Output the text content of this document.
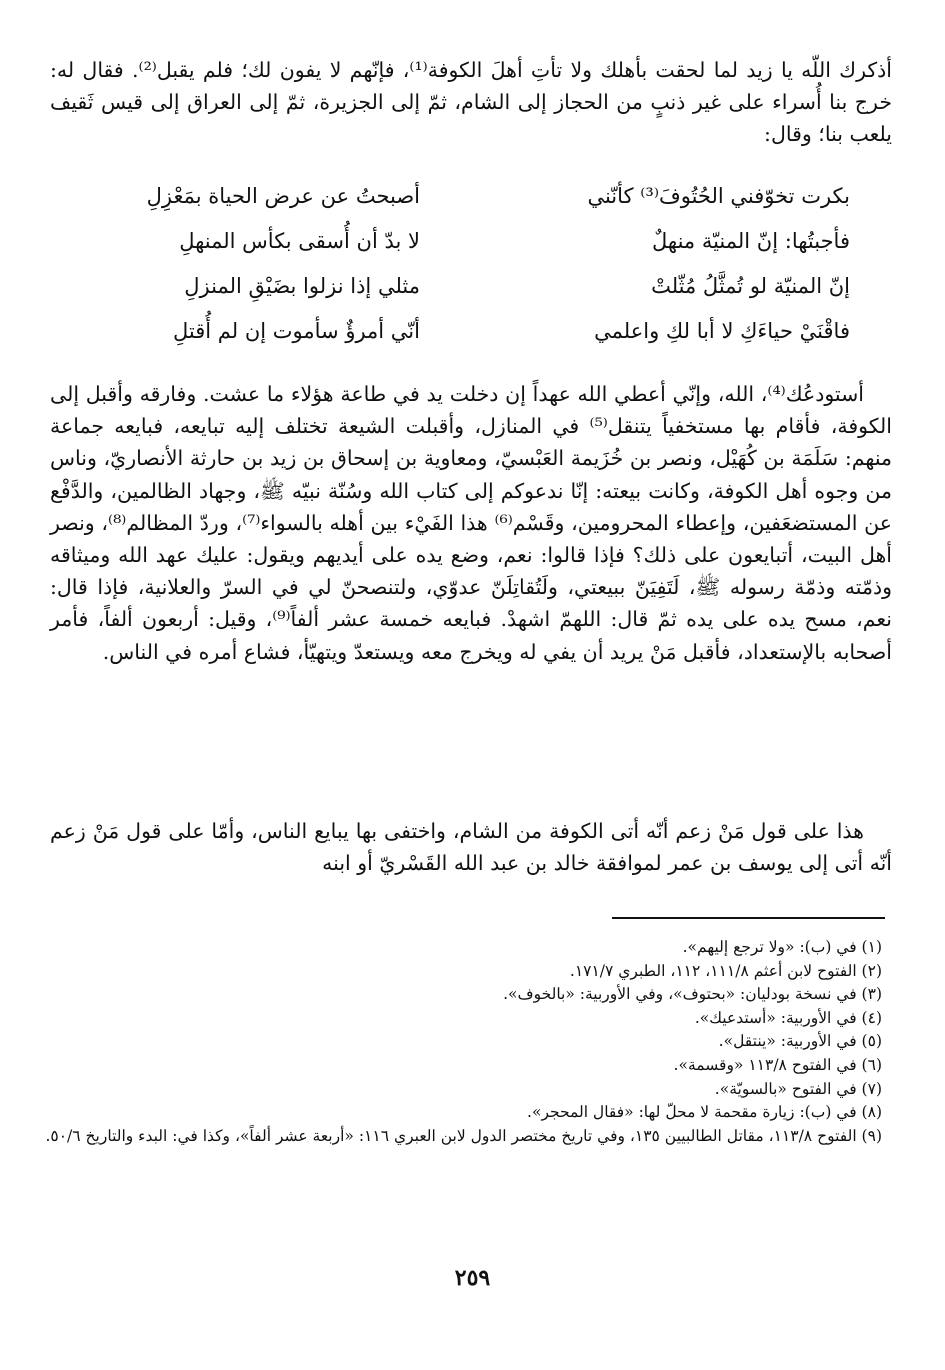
أذكرك اللّه يا زيد لما لحقت بأهلك ولا تأتِ أهلَ الكوفة⁽¹⁾، فإنّهم لا يفون لك؛ فلم يقبل⁽²⁾. فقال له: خرج بنا أُسراء على غير ذنبٍ من الحجاز إلى الشام، ثمّ إلى الجزيرة، ثمّ إلى العراق إلى قيس ثَقيف يلعب بنا؛ وقال:

بكرت تخوّفني الحُتُوفَ⁽³⁾ كأنّني
أصبحتُ عن عرض الحياة بمَعْزِلِ
فأجبتُها: إنّ المنيّة منهلٌ
لا بدّ أن أُسقى بكأس المنهلِ
إنّ المنيّة لو تُمثَّلُ مُثّلتْ
مثلي إذا نزلوا بضَيْقِ المنزلِ
فاقْنَيْ حياءَكِ لا أبا لكِ واعلمي
أنّي أمرؤٌ سأموت إن لم أُقتلِ

أستودعُك⁽⁴⁾، الله، وإنّي أعطي الله عهداً إن دخلت يد في طاعة هؤلاء ما عشت. وفارقه وأقبل إلى الكوفة، فأقام بها مستخفياً يتنقل⁽⁵⁾ في المنازل، وأقبلت الشيعة تختلف إليه تبايعه، فبايعه جماعة منهم: سَلَمَة بن كُهَيْل، ونصر بن خُزَيمة العَبْسيّ، ومعاوية بن إسحاق بن زيد بن حارثة الأنصاريّ، وناس من وجوه أهل الكوفة، وكانت بيعته: إنّا ندعوكم إلى كتاب الله وسُنّة نبيّه ﷺ، وجهاد الظالمين، والدَّفْع عن المستضعَفين، وإعطاء المحرومين، وقَسْم⁽⁶⁾ هذا الفَيْء بين أهله بالسواء⁽⁷⁾، وردّ المظالم⁽⁸⁾، ونصر أهل البيت، أتبايعون على ذلك؟ فإذا قالوا: نعم، وضع يده على أيديهم ويقول: عليك عهد الله وميثاقه وذمّته وذمّة رسوله ﷺ، لَتَفِيَنّ ببيعتي، ولَتُقاتِلَنّ عدوّي، ولتنصحنّ لي في السرّ والعلانية، فإذا قال: نعم، مسح يده على يده ثمّ قال: اللهمّ اشهدْ. فبايعه خمسة عشر ألفاً⁽⁹⁾، وقيل: أربعون ألفاً، فأمر أصحابه بالإستعداد، فأقبل مَنْ يريد أن يفي له ويخرج معه ويستعدّ ويتهيّأ، فشاع أمره في الناس.

هذا على قول مَنْ زعم أنّه أتى الكوفة من الشام، واختفى بها يبايع الناس، وأمّا على قول مَنْ زعم أنّه أتى إلى يوسف بن عمر لموافقة خالد بن عبد الله القَسْريّ أو ابنه

(١) في (ب): «ولا ترجع إليهم».
(٢) الفتوح لابن أعثم ١١١/٨، ١١٢، الطبري ١٧١/٧.
(٣) في نسخة بودليان: «بحتوف»، وفي الأوربية: «بالخوف».
(٤) في الأوربية: «أستدعيك».
(٥) في الأوربية: «ينتقل».
(٦) في الفتوح ١١٣/٨ «وقسمة».
(٧) في الفتوح «بالسويّة».
(٨) في (ب): زيارة مقحمة لا محلّ لها: «فقال المحجر».
(٩) الفتوح ١١٣/٨، مقاتل الطالبيين ١٣٥، وفي تاريخ مختصر الدول لابن العبري ١١٦: «أربعة عشر ألفاً»، وكذا في: البدء والتاريخ ٥٠/٦.
٢٥٩
